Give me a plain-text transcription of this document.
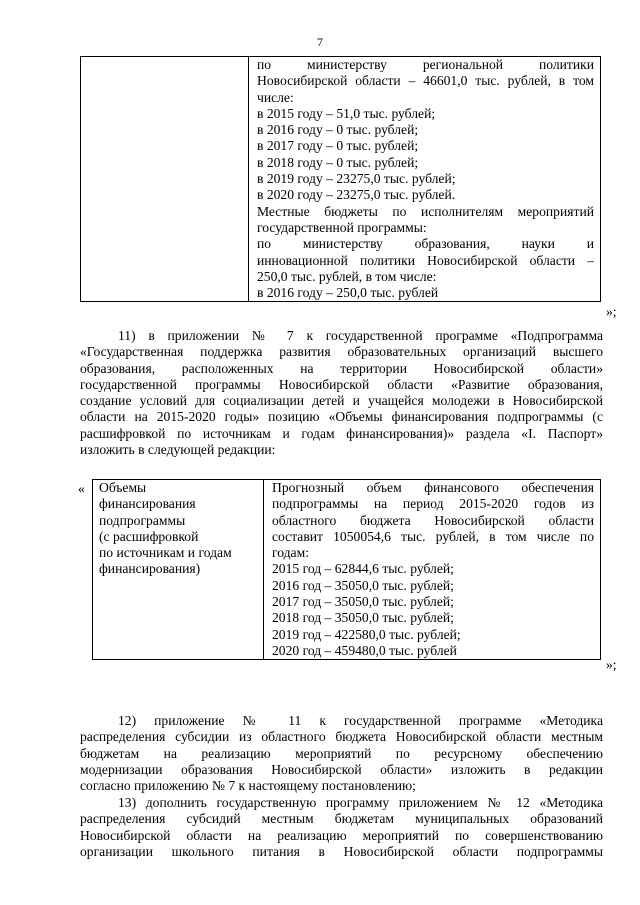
7

по министерству региональной политики
Новосибирской области – 46601,0 тыс. рублей, в том
числе:
в 2015 году – 51,0 тыс. рублей;
в 2016 году – 0 тыс. рублей;
в 2017 году – 0 тыс. рублей;
в 2018 году – 0 тыс. рублей;
в 2019 году – 23275,0 тыс. рублей;
в 2020 году – 23275,0 тыс. рублей.
Местные бюджеты по исполнителям мероприятий
государственной программы:
по министерству образования, науки и
инновационной политики Новосибирской области –
250,0 тыс. рублей, в том числе:
в 2016 году – 250,0 тыс. рублей
»;
11) в приложении № 7 к государственной программе «Подпрограмма
«Государственная поддержка развития образовательных организаций высшего
образования, расположенных на территории Новосибирской области»
государственной программы Новосибирской области «Развитие образования,
создание условий для социализации детей и учащейся молодежи в Новосибирской
области на 2015-2020 годы» позицию «Объемы финансирования подпрограммы (с
расшифровкой по источникам и годам финансирования)» раздела «I. Паспорт»
изложить в следующей редакции:
« Объемы
финансирования
подпрограммы
(с расшифровкой
по источникам и годам
финансирования)

Прогнозный объем финансового обеспечения
подпрограммы на период 2015-2020 годов из
областного бюджета Новосибирской области
составит 1050054,6 тыс. рублей, в том числе по
годам:
2015 год – 62844,6 тыс. рублей;
2016 год – 35050,0 тыс. рублей;
2017 год – 35050,0 тыс. рублей;
2018 год – 35050,0 тыс. рублей;
2019 год – 422580,0 тыс. рублей;
2020 год – 459480,0 тыс. рублей
»;
12) приложение № 11 к государственной программе «Методика
распределения субсидии из областного бюджета Новосибирской области местным
бюджетам на реализацию мероприятий по ресурсному обеспечению
модернизации образования Новосибирской области» изложить в редакции
согласно приложению № 7 к настоящему постановлению;
13) дополнить государственную программу приложением № 12 «Методика
распределения субсидий местным бюджетам муниципальных образований
Новосибирской области на реализацию мероприятий по совершенствованию
организации школьного питания в Новосибирской области подпрограммы
